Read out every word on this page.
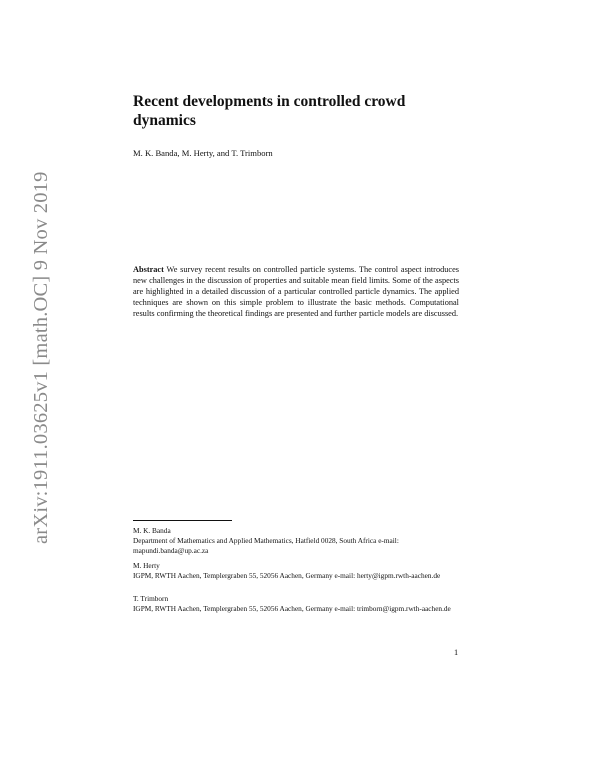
arXiv:1911.03625v1 [math.OC] 9 Nov 2019
Recent developments in controlled crowd dynamics
M. K. Banda, M. Herty, and T. Trimborn

Abstract We survey recent results on controlled particle systems. The control aspect introduces new challenges in the discussion of properties and suitable mean field limits. Some of the aspects are highlighted in a detailed discussion of a particular controlled particle dynamics. The applied techniques are shown on this simple problem to illustrate the basic methods. Computational results confirming the theoretical findings are presented and further particle models are discussed.

M. K. Banda

Department of Mathematics and Applied Mathematics, Hatfield 0028, South Africa e-mail: mapundi.banda@up.ac.za

M. Herty

IGPM, RWTH Aachen, Templergraben 55, 52056 Aachen, Germany e-mail: herty@igpm.rwth-aachen.de

T. Trimborn

IGPM, RWTH Aachen, Templergraben 55, 52056 Aachen, Germany e-mail: trimborn@igpm.rwth-aachen.de

1
